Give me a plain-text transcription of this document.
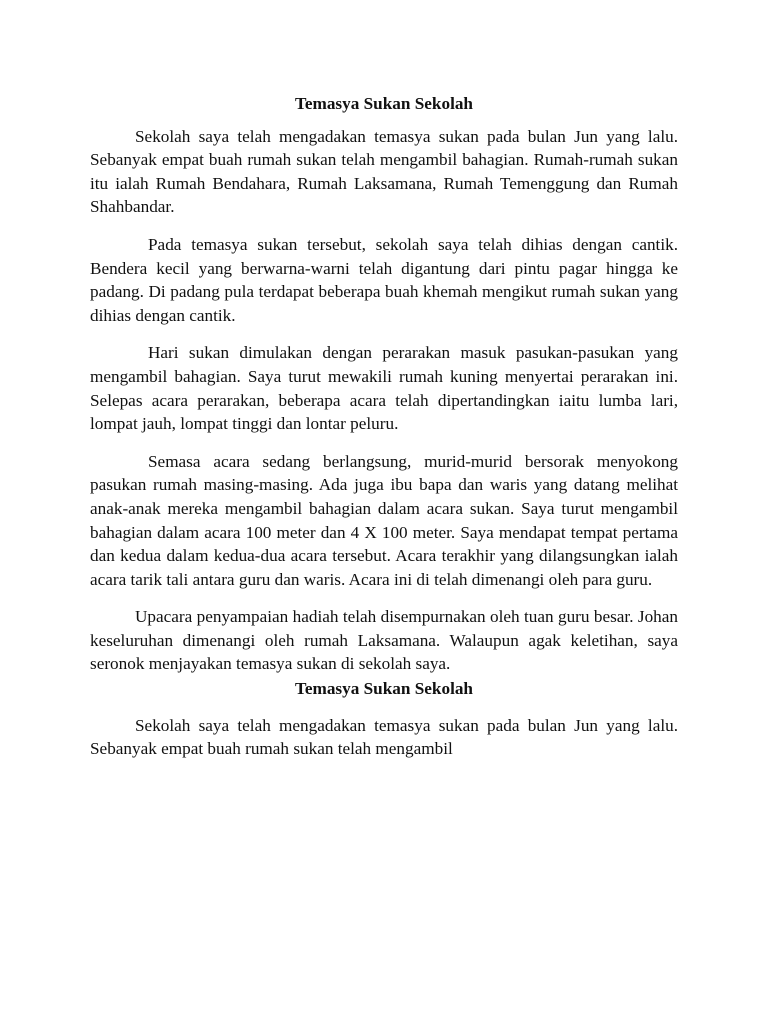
Temasya Sukan Sekolah

Sekolah saya telah mengadakan temasya sukan pada bulan Jun yang lalu. Sebanyak empat buah rumah sukan telah mengambil bahagian. Rumah-rumah sukan itu ialah Rumah Bendahara, Rumah Laksamana, Rumah Temenggung dan Rumah Shahbandar.

Pada temasya sukan tersebut, sekolah saya telah dihias dengan cantik. Bendera kecil yang berwarna-warni telah digantung dari pintu pagar hingga ke padang. Di padang pula terdapat beberapa buah khemah mengikut rumah sukan yang dihias dengan cantik.

Hari sukan dimulakan dengan perarakan masuk pasukan-pasukan yang mengambil bahagian. Saya turut mewakili rumah kuning menyertai perarakan ini. Selepas acara perarakan, beberapa acara telah dipertandingkan iaitu lumba lari, lompat jauh, lompat tinggi dan lontar peluru.

Semasa acara sedang berlangsung, murid-murid bersorak menyokong pasukan rumah masing-masing. Ada juga ibu bapa dan waris yang datang melihat anak-anak mereka mengambil bahagian dalam acara sukan. Saya turut mengambil bahagian dalam acara 100 meter dan 4 X 100 meter. Saya mendapat tempat pertama dan kedua dalam kedua-dua acara tersebut. Acara terakhir yang dilangsungkan ialah acara tarik tali antara guru dan waris. Acara ini di telah dimenangi oleh para guru.

Upacara penyampaian hadiah telah disempurnakan oleh tuan guru besar. Johan keseluruhan dimenangi oleh rumah Laksamana. Walaupun agak keletihan, saya seronok menjayakan temasya sukan di sekolah saya.

Temasya Sukan Sekolah

Sekolah saya telah mengadakan temasya sukan pada bulan Jun yang lalu. Sebanyak empat buah rumah sukan telah mengambil
